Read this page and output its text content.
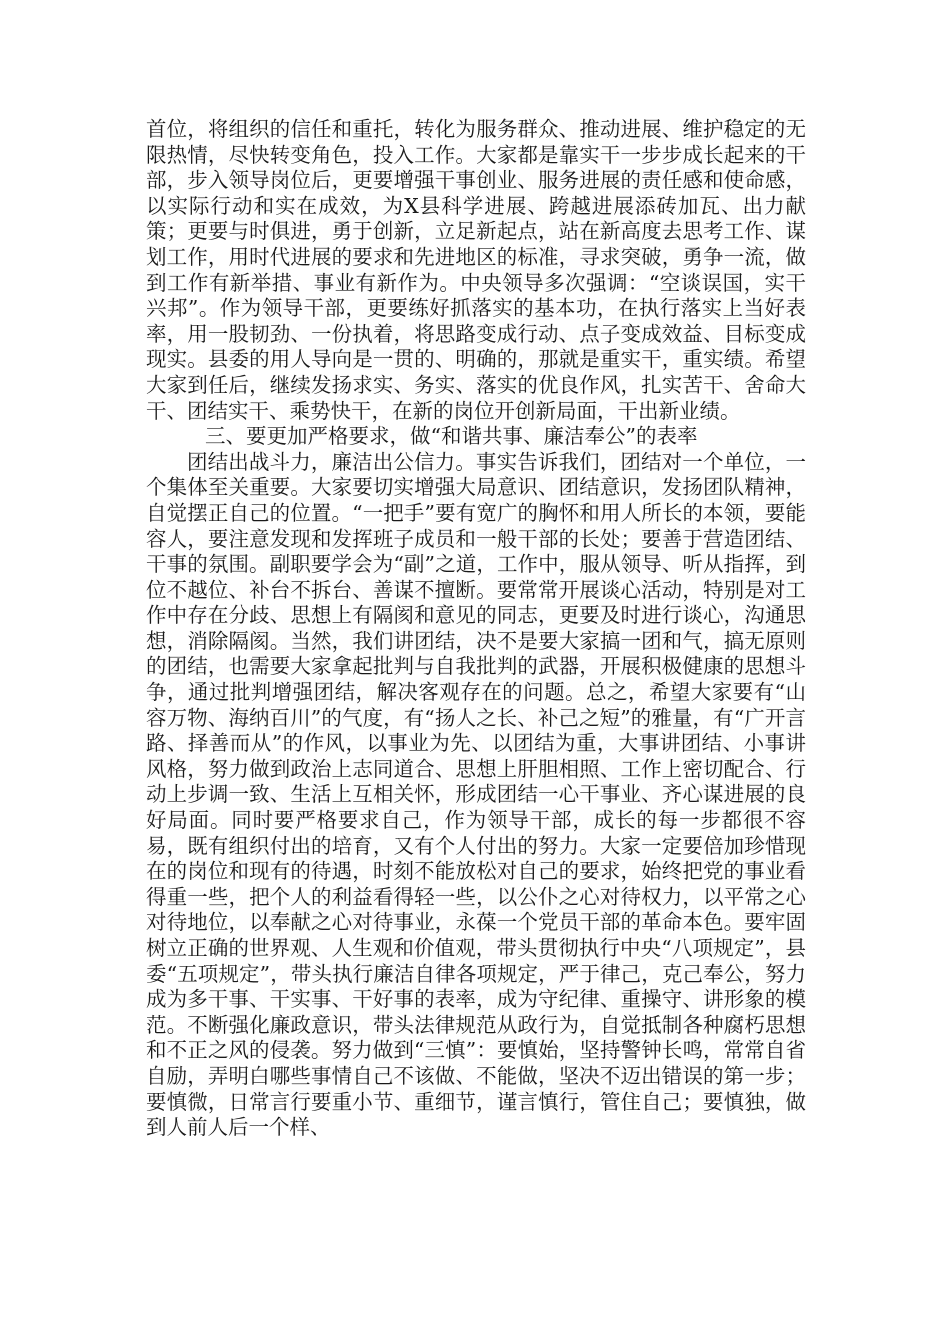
首位，将组织的信任和重托，转化为服务群众、推动进展、维护稳定的无限热情，尽快转变角色，投入工作。大家都是靠实干一步步成长起来的干部，步入领导岗位后，更要增强干事创业、服务进展的责任感和使命感，以实际行动和实在成效，为X县科学进展、跨越进展添砖加瓦、出力献策；更要与时俱进，勇于创新，立足新起点，站在新高度去思考工作、谋划工作，用时代进展的要求和先进地区的标准，寻求突破，勇争一流，做到工作有新举措、事业有新作为。中央领导多次强调：“空谈误国，实干兴邦”。作为领导干部，更要练好抓落实的基本功，在执行落实上当好表率，用一股韧劲、一份执着，将思路变成行动、点子变成效益、目标变成现实。县委的用人导向是一贯的、明确的，那就是重实干，重实绩。希望大家到任后，继续发扬求实、务实、落实的优良作风，扎实苦干、舍命大干、团结实干、乘势快干，在新的岗位开创新局面，干出新业绩。

三、要更加严格要求，做“和谐共事、廉洁奉公”的表率

团结出战斗力，廉洁出公信力。事实告诉我们，团结对一个单位，一个集体至关重要。大家要切实增强大局意识、团结意识，发扬团队精神，自觉摆正自己的位置。“一把手”要有宽广的胸怀和用人所长的本领，要能容人，要注意发现和发挥班子成员和一般干部的长处；要善于营造团结、干事的氛围。副职要学会为“副”之道，工作中，服从领导、听从指挥，到位不越位、补台不拆台、善谋不擅断。要常常开展谈心活动，特别是对工作中存在分歧、思想上有隔阂和意见的同志，更要及时进行谈心，沟通思想，消除隔阂。当然，我们讲团结，决不是要大家搞一团和气，搞无原则的团结，也需要大家拿起批判与自我批判的武器，开展积极健康的思想斗争，通过批判增强团结，解决客观存在的问题。总之，希望大家要有“山容万物、海纳百川”的气度，有“扬人之长、补己之短”的雅量，有“广开言路、择善而从”的作风，以事业为先、以团结为重，大事讲团结、小事讲风格，努力做到政治上志同道合、思想上肝胆相照、工作上密切配合、行动上步调一致、生活上互相关怀，形成团结一心干事业、齐心谋进展的良好局面。同时要严格要求自己，作为领导干部，成长的每一步都很不容易，既有组织付出的培育，又有个人付出的努力。大家一定要倍加珍惜现在的岗位和现有的待遇，时刻不能放松对自己的要求，始终把党的事业看得重一些，把个人的利益看得轻一些，以公仆之心对待权力，以平常之心对待地位，以奉献之心对待事业，永葆一个党员干部的革命本色。要牢固树立正确的世界观、人生观和价值观，带头贯彻执行中央“八项规定”，县委“五项规定”，带头执行廉洁自律各项规定，严于律己，克己奉公，努力成为多干事、干实事、干好事的表率，成为守纪律、重操守、讲形象的模范。不断强化廉政意识，带头法律规范从政行为，自觉抵制各种腐朽思想和不正之风的侵袭。努力做到“三慎”：要慎始，坚持警钟长鸣，常常自省自励，弄明白哪些事情自己不该做、不能做，坚决不迈出错误的第一步；要慎微，日常言行要重小节、重细节，谨言慎行，管住自己；要慎独，做到人前人后一个样、
